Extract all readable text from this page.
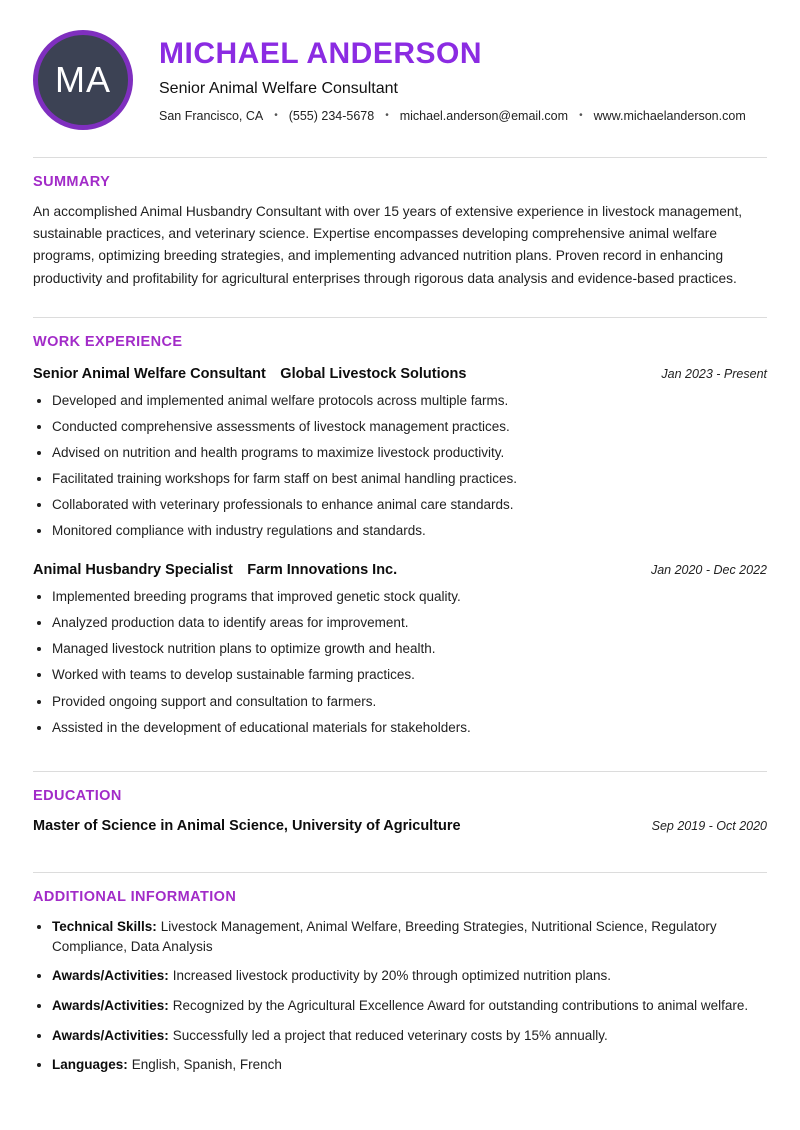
MA
MICHAEL ANDERSON

Senior Animal Welfare Consultant

San Francisco, CA • (555) 234-5678 • michael.anderson@email.com • www.michaelanderson.com
SUMMARY

An accomplished Animal Husbandry Consultant with over 15 years of extensive experience in livestock management, sustainable practices, and veterinary science. Expertise encompasses developing comprehensive animal welfare programs, optimizing breeding strategies, and implementing advanced nutrition plans. Proven record in enhancing productivity and profitability for agricultural enterprises through rigorous data analysis and evidence-based practices.

WORK EXPERIENCE
Senior Animal Welfare Consultant Global Livestock Solutions	Jan 2023 - Present
• Developed and implemented animal welfare protocols across multiple farms.
• Conducted comprehensive assessments of livestock management practices.
• Advised on nutrition and health programs to maximize livestock productivity.
• Facilitated training workshops for farm staff on best animal handling practices.
• Collaborated with veterinary professionals to enhance animal care standards.
• Monitored compliance with industry regulations and standards.
Animal Husbandry Specialist Farm Innovations Inc.	Jan 2020 - Dec 2022
• Implemented breeding programs that improved genetic stock quality.
• Analyzed production data to identify areas for improvement.
• Managed livestock nutrition plans to optimize growth and health.
• Worked with teams to develop sustainable farming practices.
• Provided ongoing support and consultation to farmers.
• Assisted in the development of educational materials for stakeholders.
EDUCATION
Master of Science in Animal Science, University of Agriculture	Sep 2019 - Oct 2020
ADDITIONAL INFORMATION
• Technical Skills: Livestock Management, Animal Welfare, Breeding Strategies, Nutritional Science, Regulatory Compliance, Data Analysis
• Awards/Activities: Increased livestock productivity by 20% through optimized nutrition plans.
• Awards/Activities: Recognized by the Agricultural Excellence Award for outstanding contributions to animal welfare.
• Awards/Activities: Successfully led a project that reduced veterinary costs by 15% annually.
• Languages: English, Spanish, French
